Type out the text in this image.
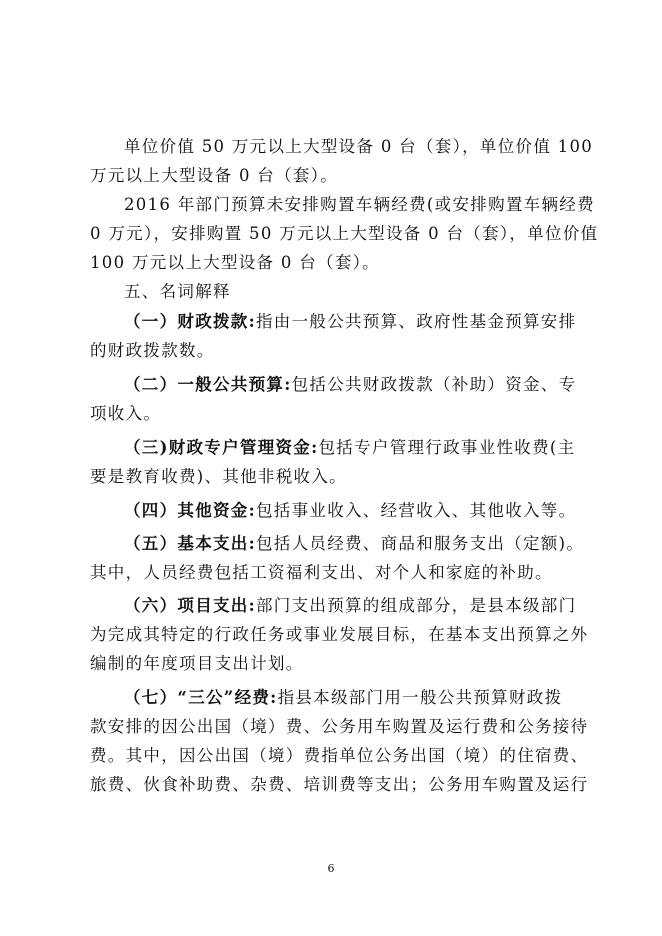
单位价值 50 万元以上大型设备 0 台（套），单位价值 100
万元以上大型设备 0 台（套）。
2016 年部门预算未安排购置车辆经费(或安排购置车辆经费
0 万元），安排购置 50 万元以上大型设备 0 台（套），单位价值
100 万元以上大型设备 0 台（套）。
五、名词解释
（一）财政拨款:指由一般公共预算、政府性基金预算安排
的财政拨款数。
（二）一般公共预算:包括公共财政拨款（补助）资金、专
项收入。
（三)财政专户管理资金:包括专户管理行政事业性收费(主
要是教育收费)、其他非税收入。
（四）其他资金:包括事业收入、经营收入、其他收入等。
（五）基本支出:包括人员经费、商品和服务支出（定额)。
其中，人员经费包括工资福利支出、对个人和家庭的补助。
（六）项目支出:部门支出预算的组成部分，是县本级部门
为完成其特定的行政任务或事业发展目标，在基本支出预算之外
编制的年度项目支出计划。
（七）“三公”经费:指县本级部门用一般公共预算财政拨
款安排的因公出国（境）费、公务用车购置及运行费和公务接待
费。其中，因公出国（境）费指单位公务出国（境）的住宿费、
旅费、伙食补助费、杂费、培训费等支出；公务用车购置及运行
6
